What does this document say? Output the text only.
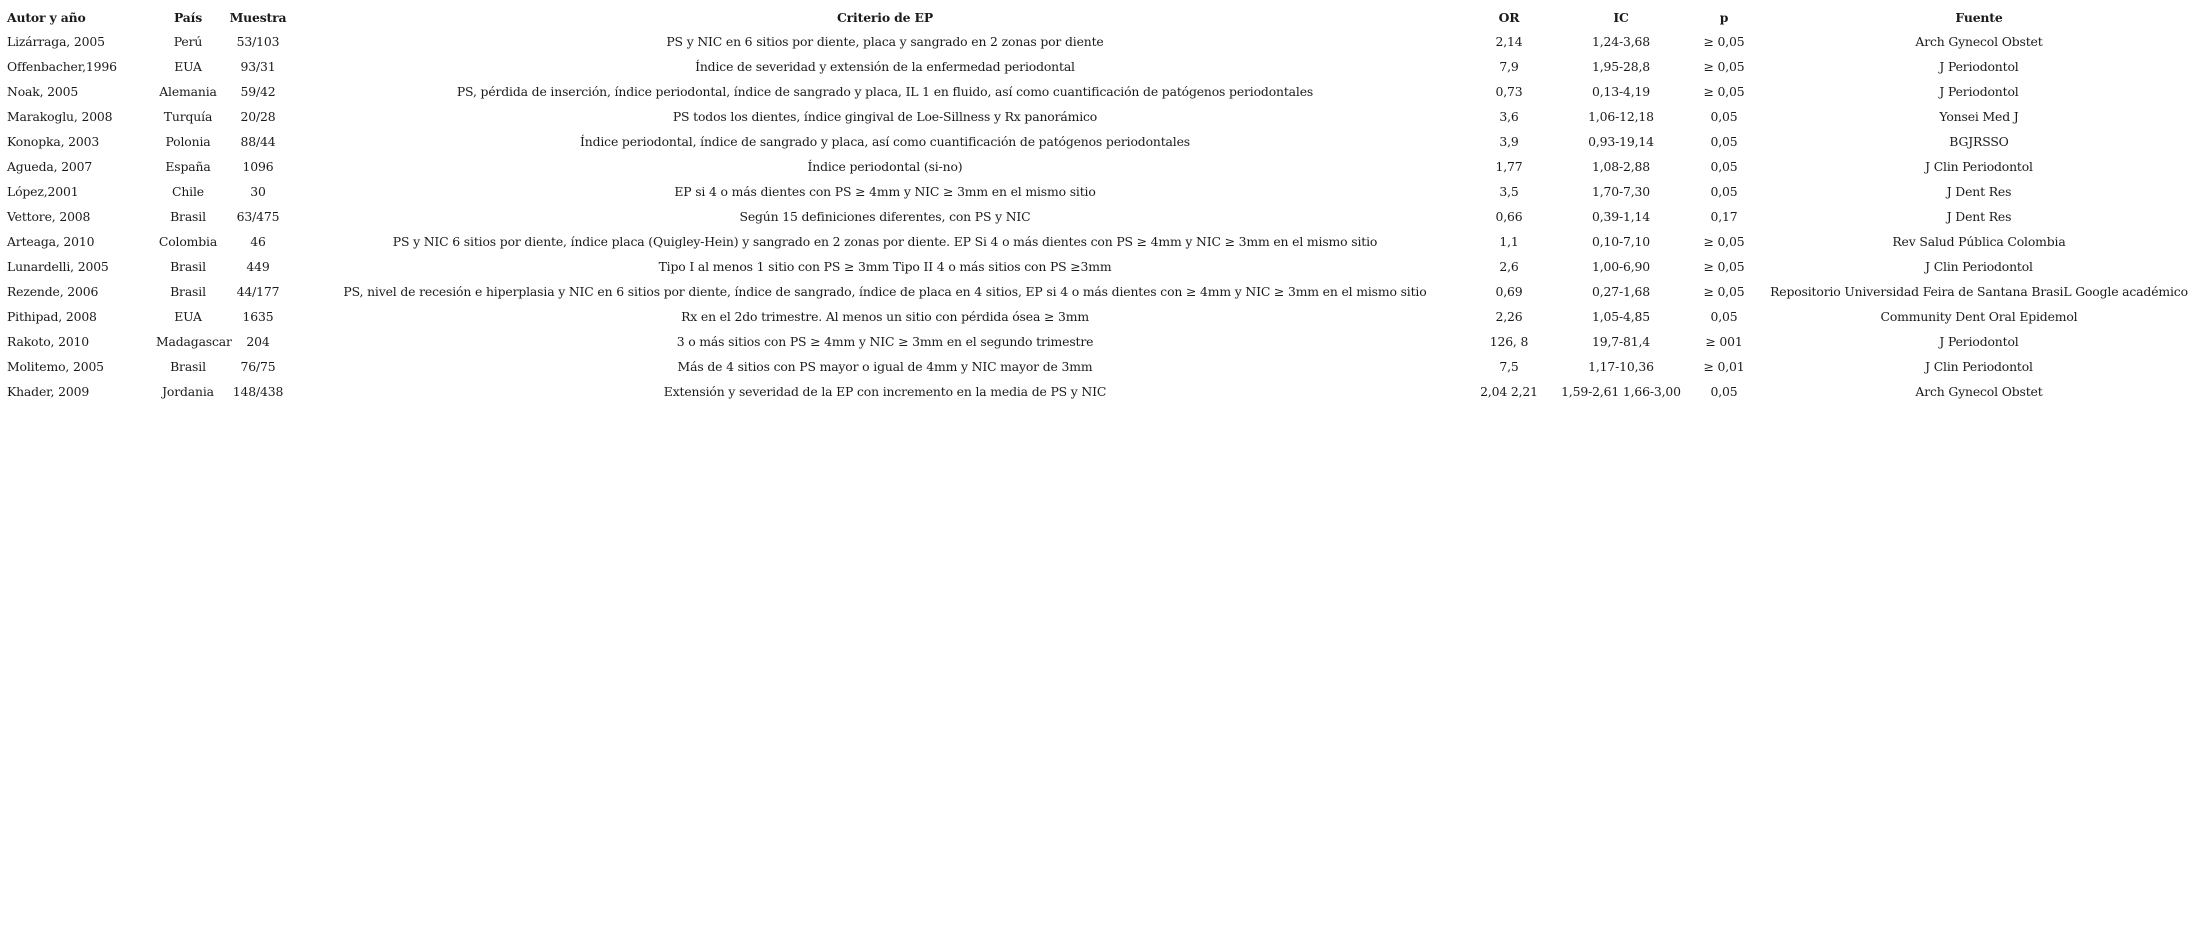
Autor y año	País	Muestra	Criterio de EP	OR	IC	p	Fuente
Lizárraga, 2005	Perú	53/103	PS y NIC en 6 sitios por diente, placa y sangrado en 2 zonas por diente	2,14	1,24-3,68	≥ 0,05	Arch Gynecol Obstet
Offenbacher,1996	EUA	93/31	Índice de severidad y extensión de la enfermedad periodontal	7,9	1,95-28,8	≥ 0,05	J Periodontol
Noak, 2005	Alemania	59/42	PS, pérdida de inserción, índice periodontal, índice de sangrado y placa, IL 1 en fluido, así como cuantificación de patógenos periodontales	0,73	0,13-4,19	≥ 0,05	J Periodontol
Marakoglu, 2008	Turquía	20/28	PS todos los dientes, índice gingival de Loe-Sillness y Rx panorámico	3,6	1,06-12,18	0,05	Yonsei Med J
Konopka, 2003	Polonia	88/44	Índice periodontal, índice de sangrado y placa, así como cuantificación de patógenos periodontales	3,9	0,93-19,14	0,05	BGJRSSO
Agueda, 2007	España	1096	Índice periodontal (si-no)	1,77	1,08-2,88	0,05	J Clin Periodontol
López,2001	Chile	30	EP si 4 o más dientes con PS ≥ 4mm y NIC ≥ 3mm en el mismo sitio	3,5	1,70-7,30	0,05	J Dent Res
Vettore, 2008	Brasil	63/475	Según 15 definiciones diferentes, con PS y NIC	0,66	0,39-1,14	0,17	J Dent Res
Arteaga, 2010	Colombia	46	PS y NIC 6 sitios por diente, índice placa (Quigley-Hein) y sangrado en 2 zonas por diente. EP Si 4 o más dientes con PS ≥ 4mm y NIC ≥ 3mm en el mismo sitio	1,1	0,10-7,10	≥ 0,05	Rev Salud Pública Colombia
Lunardelli, 2005	Brasil	449	Tipo I al menos 1 sitio con PS ≥ 3mm Tipo II 4 o más sitios con PS ≥3mm	2,6	1,00-6,90	≥ 0,05	J Clin Periodontol
Rezende, 2006	Brasil	44/177	PS, nivel de recesión e hiperplasia y NIC en 6 sitios por diente, índice de sangrado, índice de placa en 4 sitios, EP si 4 o más dientes con ≥ 4mm y NIC ≥ 3mm en el mismo sitio	0,69	0,27-1,68	≥ 0,05	Repositorio Universidad Feira de Santana BrasiL Google académico
Pithipad, 2008	EUA	1635	Rx en el 2do trimestre. Al menos un sitio con pérdida ósea ≥ 3mm	2,26	1,05-4,85	0,05	Community Dent Oral Epidemol
Rakoto, 2010	Madagascar	204	3 o más sitios con PS ≥ 4mm y NIC ≥ 3mm en el segundo trimestre	126, 8	19,7-81,4	≥ 001	J Periodontol
Molitemo, 2005	Brasil	76/75	Más de 4 sitios con PS mayor o igual de 4mm y NIC mayor de 3mm	7,5	1,17-10,36	≥ 0,01	J Clin Periodontol
Khader, 2009	Jordania	148/438	Extensión y severidad de la EP con incremento en la media de PS y NIC	2,04 2,21	1,59-2,61 1,66-3,00	0,05	Arch Gynecol Obstet
